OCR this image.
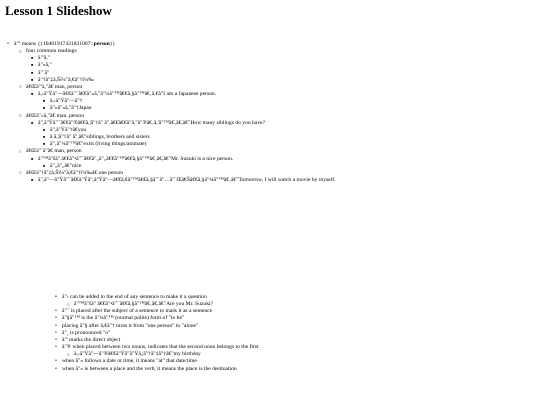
Lesson 1 Slideshow
• ã"º means {{10401917431831007::person}}
○ four common readings
■ ã"'ã,"
■ ã"«ã,"
■ ã"¨ã"
■ ã"†ã"‡ã,Šï¼"ã,€ã"†ï¼‰
○ ã€Œã"'ã,"ã€ man, person
■ ã,‹ã"Ÿã"—ã€€ã"¯ã€€ã"«ã,"ã"¼ã"™ã€€ã,§ã"™ã€‚ã,€ã"I am a Japanese person.
■ ã,‹ã"Ÿã"—ã"†
■ ã"«ã"»ã,"ã"†Japan
○ ã€Œã"«ã,"ã€ man, person
■ ã",ã"Ÿã"¯ã€€ã"®ã€€ã,¦ã"†ã" ã",ã€€ã€€ã"ã,"ã"®ã€‚ã,'ã"™ã€‚ã€,ã€"How many siblings do you have?
■ ã",ã"Ÿã"†ã€you
■ ã ã,¦ã"†ã" ã",ã€"siblings, brothers and sisters
■ ã"‚ã"¼ã"™ã€"exist (living things/animate)
○ ã€Œã"¨ã"ã€ man, person
■ ã"™ã"šã" ã€€ã"•ã"¯ã€€ã"„ã"„ã€€ã"™ã€€ã,§ã"™ã€‚ã€,ã€"Mr. Suzuki is a nice person.
■ ã"„ã"„ã€"nice
○ ã€Œã"†ã"‡ã,Šï¼"ã,€ã"†ï¼‰ã€ one person
■ ã",ã"—ã"Ÿã"¯ã€€ã"Ÿã",ã"Ÿã"—ã€€ã,€ã"™ã€€ã,§ã"¨ã"…ã"¨Œã€Šã€€ã,§ã"¾ã"™ã€‚ã€"Tomorrow, I will watch a movie by myself.
• ã"‹ can be added to the end of any sentence to make it a question
○ ã"™ã"šã" ã€€ã"•ã"¯ã€€ã,§ã"™ã€‚ã€,ã€"Are you Mr. Suzuki?
• ã"¯ is placed after the subject of a sentence to mark it as a sentence
• ã"§ã"™ is the ã"¼ã"™ (normal polite) form of "to be"
• placing ã"§ after ã,€ã"† turns it from "one person" to "alone"
• ã"¸ is pronounced "o"
• ã"' marks the direct object
• ã"® when placed between two nouns, indicates that the second noun belongs to the first
○ ã,‹ã"Ÿã"—ã"®ã€€ã"Ÿã"ã"Ÿã,¦ã"†ã"‡ã"†ã€"my birthday
• when ã"« follows a date or time, it means "at" that date/time
• when ã"« is between a place and the verb, it means the place is the destination
